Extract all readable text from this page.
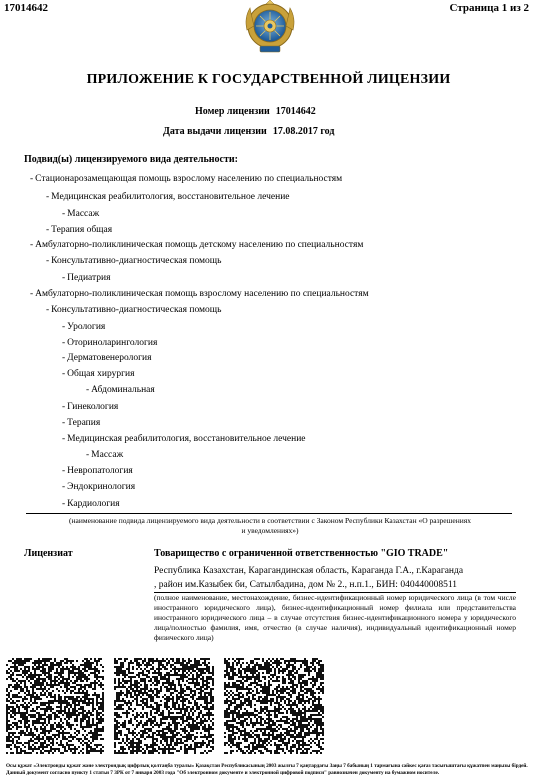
17014642	Страница 1 из 2
ПРИЛОЖЕНИЕ К ГОСУДАРСТВЕННОЙ ЛИЦЕНЗИИ
Номер лицензии 17014642
Дата выдачи лицензии 17.08.2017 год
Подвид(ы) лицензируемого вида деятельности:
- Стационарозамещающая помощь взрослому населению по специальностям
- Медицинская реабилитология, восстановительное лечение
- Массаж
- Терапия общая
- Амбулаторно-поликлиническая помощь детскому населению по специальностям
- Консультативно-диагностическая помощь
- Педиатрия
- Амбулаторно-поликлиническая помощь взрослому населению по специальностям
- Консультативно-диагностическая помощь
- Урология
- Оториноларингология
- Дерматовенерология
- Общая хирургия
- Абдоминальная
- Гинекология
- Терапия
- Медицинская реабилитология, восстановительное лечение
- Массаж
- Невропатология
- Эндокринология
- Кардиология
(наименование подвида лицензируемого вида деятельности в соответствии с Законом Республики Казахстан «О разрешениях
и уведомлениях»)
Лицензиат	Товарищество с ограниченной ответственностью "GIO TRADE"
Республика Казахстан, Карагандинская область, Караганда Г.А., г.Караганда
, район им.Казыбек би, Сатылбадина, дом № 2., н.п.1., БИН: 040440008511
(полное наименование, местонахождение, бизнес-идентификационный номер юридического лица (в том числе иностранного юридического лица), бизнес-идентификационный номер филиала или представительства иностранного юридического лица – в случае отсутствия бизнес-идентификационного номера у юридического лица/полностью фамилия, имя, отчество (в случае наличия), индивидуальный идентификационный номер физического лица)
Осы құжат «Электронды құжат және электрондық цифрлық қолтаңба туралы» Қазақстан Республикасының 2003 жылғы 7 қаңтардағы Заңы 7 бабының 1 тармағына сәйкес қағаз тасығыштағы құжатпен маңызы бірдей. Данный документ согласно пункту 1 статьи 7 ЗРК от 7 января 2003 года "Об электронном документе и электронной цифровой подписи" равнозначен документу на бумажном носителе.
